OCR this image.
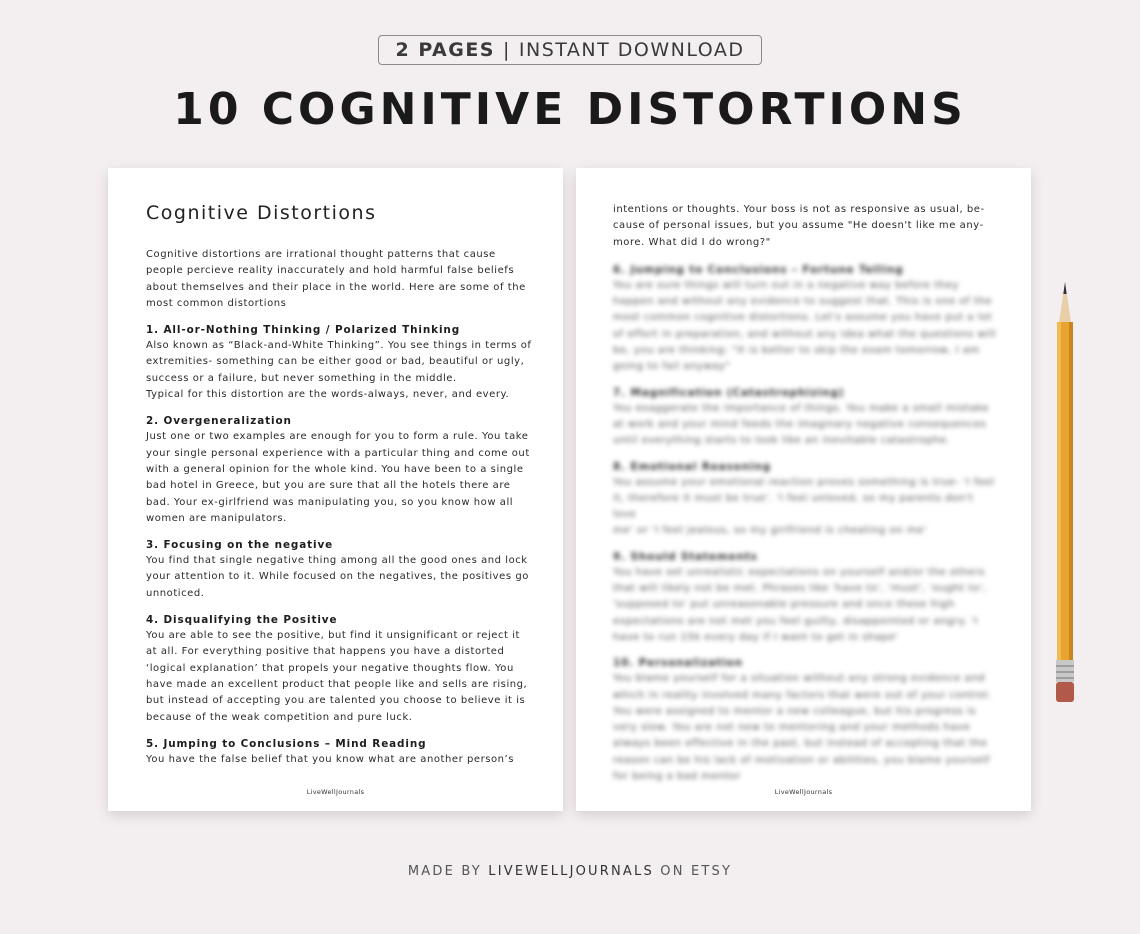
2 PAGES | INSTANT DOWNLOAD
10 COGNITIVE DISTORTIONS
Cognitive Distortions

Cognitive distortions are irrational thought patterns that cause
people percieve reality inaccurately and hold harmful false beliefs
about themselves and their place in the world. Here are some of the
most common distortions

1. All-or-Nothing Thinking / Polarized Thinking

Also known as “Black-and-White Thinking”. You see things in terms of
extremities- something can be either good or bad, beautiful or ugly,
success or a failure, but never something in the middle.
Typical for this distortion are the words-always, never, and every.

2. Overgeneralization

Just one or two examples are enough for you to form a rule. You take
your single personal experience with a particular thing and come out
with a general opinion for the whole kind. You have been to a single
bad hotel in Greece, but you are sure that all the hotels there are
bad. Your ex-girlfriend was manipulating you, so you know how all
women are manipulators.

3. Focusing on the negative

You find that single negative thing among all the good ones and lock
your attention to it. While focused on the negatives, the positives go
unnoticed.

4. Disqualifying the Positive

You are able to see the positive, but find it unsignificant or reject it
at all. For everything positive that happens you have a distorted
‘logical explanation’ that propels your negative thoughts flow. You
have made an excellent product that people like and sells are rising,
but instead of accepting you are talented you choose to believe it is
because of the weak competition and pure luck.

5. Jumping to Conclusions – Mind Reading

You have the false belief that you know what are another person’s

LiveWellJournals

intentions or thoughts. Your boss is not as responsive as usual, be-
cause of personal issues, but you assume "He doesn't like me any-
more. What did I do wrong?"

6. Jumping to Conclusions – Fortune Telling

You are sure things will turn out in a negative way before they
happen and without any evidence to suggest that. This is one of the
most common cognitive distortions. Let's assume you have put a lot
of effort in preparation, and without any idea what the questions will
be, you are thinking: "It is better to skip the exam tomorrow, I am
going to fail anyway"

7. Magnification (Catastrophizing)

You exaggerate the importance of things. You make a small mistake
at work and your mind feeds the imaginary negative consequences
until everything starts to look like an inevitable catastrophe.

8. Emotional Reasoning

You assume your emotional reaction proves something is true- 'I feel
it, therefore it must be true'. 'I feel unloved, so my parents don't love
me' or 'I feel jealous, so my girlfriend is cheating on me'

9. Should Statements

You have set unrealistic expectations on yourself and/or the others
that will likely not be met. Phrases like 'have to', 'must', 'ought to',
'supposed to' put unreasonable pressure and once these high
expectations are not met you feel guilty, disappointed or angry. 'I
have to run 15k every day if I want to get in shape'

10. Personalization

You blame yourself for a situation without any strong evidence and
which in reality involved many factors that were out of your control.
You were assigned to mentor a new colleague, but his progress is
very slow. You are not new to mentoring and your methods have
always been effective in the past, but instead of accepting that the
reason can be his lack of motivation or abilities, you blame yourself
for being a bad mentor

LiveWellJournals

MADE BY LIVEWELLJOURNALS ON ETSY
